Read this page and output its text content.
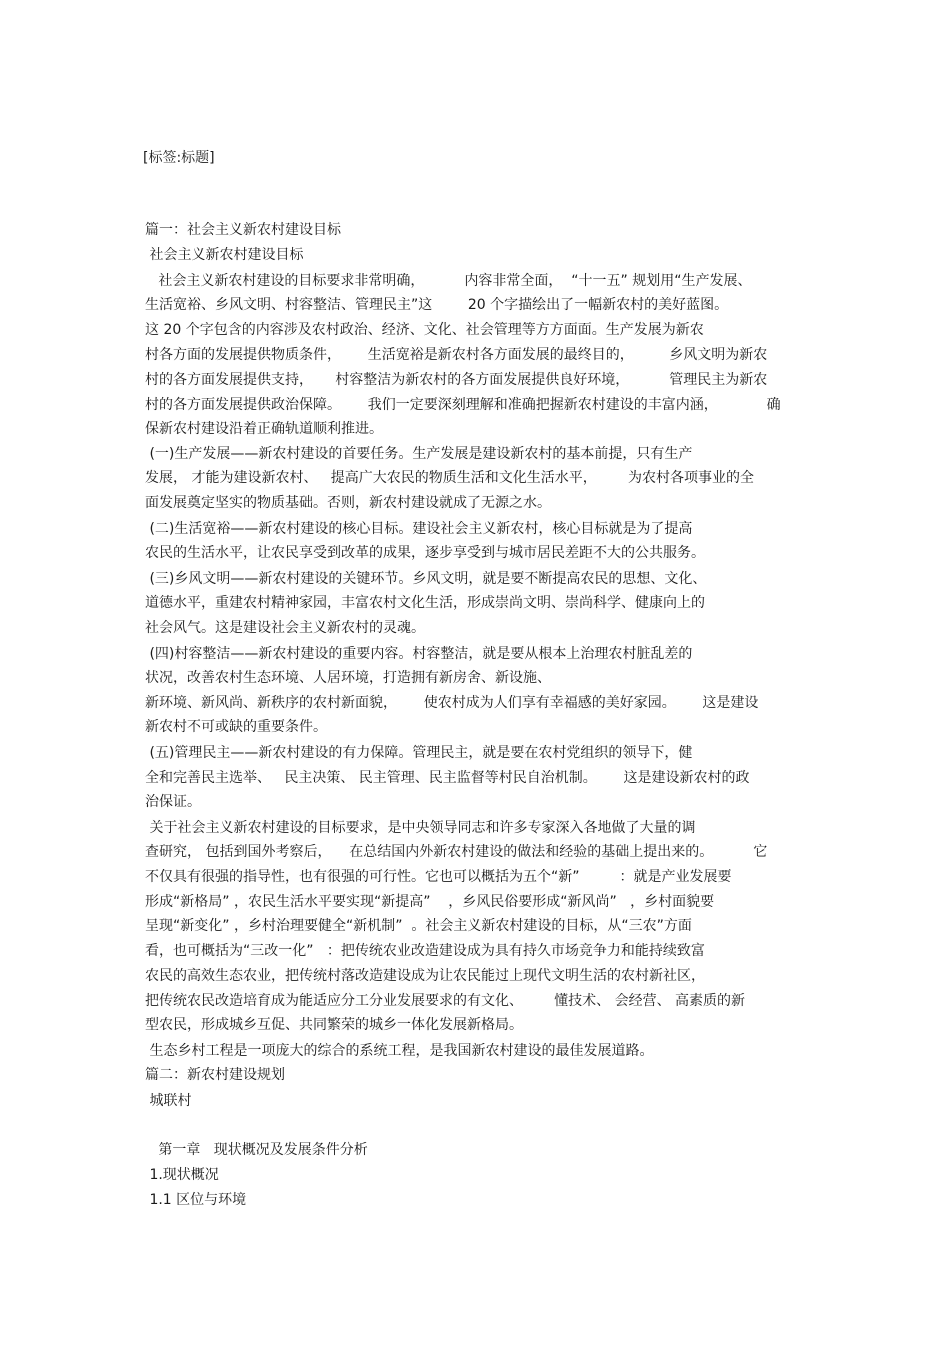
[标签:标题]
篇一：社会主义新农村建设目标
社会主义新农村建设目标
社会主义新农村建设的目标要求非常明确，         内容非常全面，  “十一五” 规划用“生产发展、
生活宽裕、乡风文明、村容整洁、管理民主”这        20 个字描绘出了一幅新农村的美好蓝图。
这 20 个字包含的内容涉及农村政治、经济、文化、社会管理等方方面面。生产发展为新农
村各方面的发展提供物质条件，      生活宽裕是新农村各方面发展的最终目的，        乡风文明为新农
村的各方面发展提供支持，     村容整洁为新农村的各方面发展提供良好环境，         管理民主为新农
村的各方面发展提供政治保障。      我们一定要深刻理解和准确把握新农村建设的丰富内涵，           确
保新农村建设沿着正确轨道顺利推进。
(一)生产发展——新农村建设的首要任务。生产发展是建设新农村的基本前提，只有生产
发展， 才能为建设新农村、   提高广大农民的物质生活和文化生活水平，       为农村各项事业的全
面发展奠定坚实的物质基础。否则，新农村建设就成了无源之水。
(二)生活宽裕——新农村建设的核心目标。建设社会主义新农村，核心目标就是为了提高
农民的生活水平，让农民享受到改革的成果，逐步享受到与城市居民差距不大的公共服务。
(三)乡风文明——新农村建设的关键环节。乡风文明，就是要不断提高农民的思想、文化、
道德水平，重建农村精神家园，丰富农村文化生活，形成崇尚文明、崇尚科学、健康向上的
社会风气。这是建设社会主义新农村的灵魂。
(四)村容整洁——新农村建设的重要内容。村容整洁，就是要从根本上治理农村脏乱差的
状况，改善农村生态环境、人居环境，打造拥有新房舍、新设施、
新环境、新风尚、新秩序的农村新面貌，      使农村成为人们享有幸福感的美好家园。      这是建设
新农村不可或缺的重要条件。
(五)管理民主——新农村建设的有力保障。管理民主，就是要在农村党组织的领导下，健
全和完善民主选举、   民主决策、 民主管理、民主监督等村民自治机制。      这是建设新农村的政
治保证。
关于社会主义新农村建设的目标要求，是中央领导同志和许多专家深入各地做了大量的调
查研究， 包括到国外考察后，    在总结国内外新农村建设的做法和经验的基础上提出来的。         它
不仅具有很强的指导性，也有很强的可行性。它也可以概括为五个“新”         ：就是产业发展要
形成“新格局” ，农民生活水平要实现“新提高”    ，乡风民俗要形成“新风尚”   ，乡村面貌要
呈现“新变化” ，乡村治理要健全“新机制”  。社会主义新农村建设的目标，从“三农”方面
看，也可概括为“三改一化”   ：把传统农业改造建设成为具有持久市场竞争力和能持续致富
农民的高效生态农业，把传统村落改造建设成为让农民能过上现代文明生活的农村新社区，
把传统农民改造培育成为能适应分工分业发展要求的有文化、       懂技术、 会经营、 高素质的新
型农民，形成城乡互促、共同繁荣的城乡一体化发展新格局。
生态乡村工程是一项庞大的综合的系统工程，是我国新农村建设的最佳发展道路。
篇二：新农村建设规划
城联村
第一章   现状概况及发展条件分析
1.现状概况
1.1 区位与环境
